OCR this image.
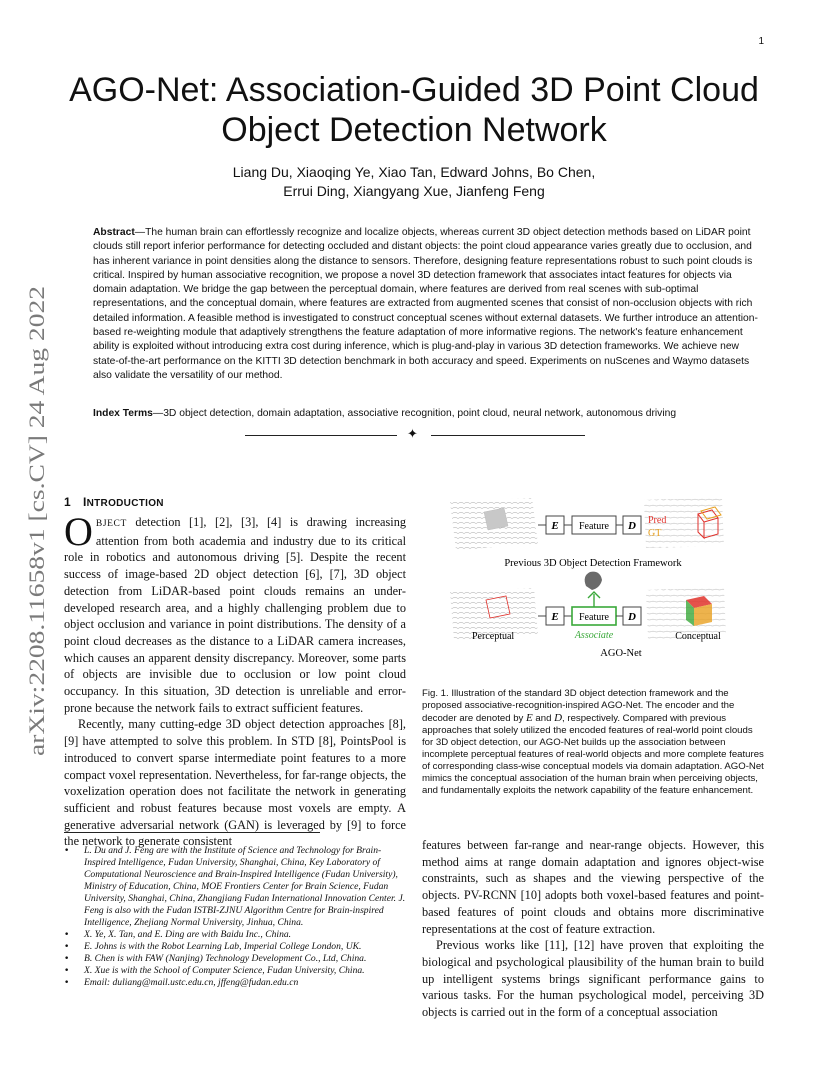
1
arXiv:2208.11658v1 [cs.CV] 24 Aug 2022
AGO-Net: Association-Guided 3D Point Cloud
Object Detection Network
Liang Du, Xiaoqing Ye, Xiao Tan, Edward Johns, Bo Chen,
Errui Ding, Xiangyang Xue, Jianfeng Feng
Abstract—The human brain can effortlessly recognize and localize objects, whereas current 3D object detection methods based on LiDAR point clouds still report inferior performance for detecting occluded and distant objects: the point cloud appearance varies greatly due to occlusion, and has inherent variance in point densities along the distance to sensors. Therefore, designing feature representations robust to such point clouds is critical. Inspired by human associative recognition, we propose a novel 3D detection framework that associates intact features for objects via domain adaptation. We bridge the gap between the perceptual domain, where features are derived from real scenes with sub-optimal representations, and the conceptual domain, where features are extracted from augmented scenes that consist of non-occlusion objects with rich detailed information. A feasible method is investigated to construct conceptual scenes without external datasets. We further introduce an attention-based re-weighting module that adaptively strengthens the feature adaptation of more informative regions. The network's feature enhancement ability is exploited without introducing extra cost during inference, which is plug-and-play in various 3D detection frameworks. We achieve new state-of-the-art performance on the KITTI 3D detection benchmark in both accuracy and speed. Experiments on nuScenes and Waymo datasets also validate the versatility of our method.
Index Terms—3D object detection, domain adaptation, associative recognition, point cloud, neural network, autonomous driving
✦
1 INTRODUCTION

OBJECT detection [1], [2], [3], [4] is drawing increasing attention from both academia and industry due to its critical role in robotics and autonomous driving [5]. Despite the recent success of image-based 2D object detection [6], [7], 3D object detection from LiDAR-based point clouds remains an under-developed research area, and a highly challenging problem due to object occlusion and variance in point distributions. The density of a point cloud decreases as the distance to a LiDAR camera increases, which causes an apparent density discrepancy. Moreover, some parts of objects are invisible due to occlusion or low point cloud occupancy. In this situation, 3D detection is unreliable and error-prone because the network fails to extract sufficient features.

Recently, many cutting-edge 3D object detection approaches [8], [9] have attempted to solve this problem. In STD [8], PointsPool is introduced to convert sparse intermediate point features to a more compact voxel representation. Nevertheless, for far-range objects, the voxelization operation does not facilitate the network in generating sufficient and robust features because most voxels are empty. A generative adversarial network (GAN) is leveraged by [9] to force the network to generate consistent

• L. Du and J. Feng are with the Institute of Science and Technology for Brain-Inspired Intelligence, Fudan University, Shanghai, China, Key Laboratory of Computational Neuroscience and Brain-Inspired Intelligence (Fudan University), Ministry of Education, China, MOE Frontiers Center for Brain Science, Fudan University, Shanghai, China, Zhangjiang Fudan International Innovation Center. J. Feng is also with the Fudan ISTBI-ZJNU Algorithm Centre for Brain-inspired Intelligence, Zhejiang Normal University, Jinhua, China.
• X. Ye, X. Tan, and E. Ding are with Baidu Inc., China.
• E. Johns is with the Robot Learning Lab, Imperial College London, UK.
• B. Chen is with FAW (Nanjing) Technology Development Co., Ltd, China.
• X. Xue is with the School of Computer Science, Fudan University, China.
• Email: duliang@mail.ustc.edu.cn, jffeng@fudan.edu.cn
E Feature D Pred
GT
Previous 3D Object Detection Framework
Perceptual
E Feature D
Associate	Conceptual
AGO-Net
Fig. 1. Illustration of the standard 3D object detection framework and the proposed associative-recognition-inspired AGO-Net. The encoder and the decoder are denoted by E and D, respectively. Compared with previous approaches that solely utilized the encoded features of real-world point clouds for 3D object detection, our AGO-Net builds up the association between incomplete perceptual features of real-world objects and more complete features of corresponding class-wise conceptual models via domain adaptation. AGO-Net mimics the conceptual association of the human brain when perceiving objects, and fundamentally exploits the network capability of the feature enhancement.

features between far-range and near-range objects. However, this method aims at range domain adaptation and ignores object-wise constraints, such as shapes and the viewing perspective of the objects. PV-RCNN [10] adopts both voxel-based features and point-based features of point clouds and obtains more discriminative representations at the cost of feature extraction.

Previous works like [11], [12] have proven that exploiting the biological and psychological plausibility of the human brain to build up intelligent systems brings significant performance gains to various tasks. For the human psychological model, perceiving 3D objects is carried out in the form of a conceptual association
